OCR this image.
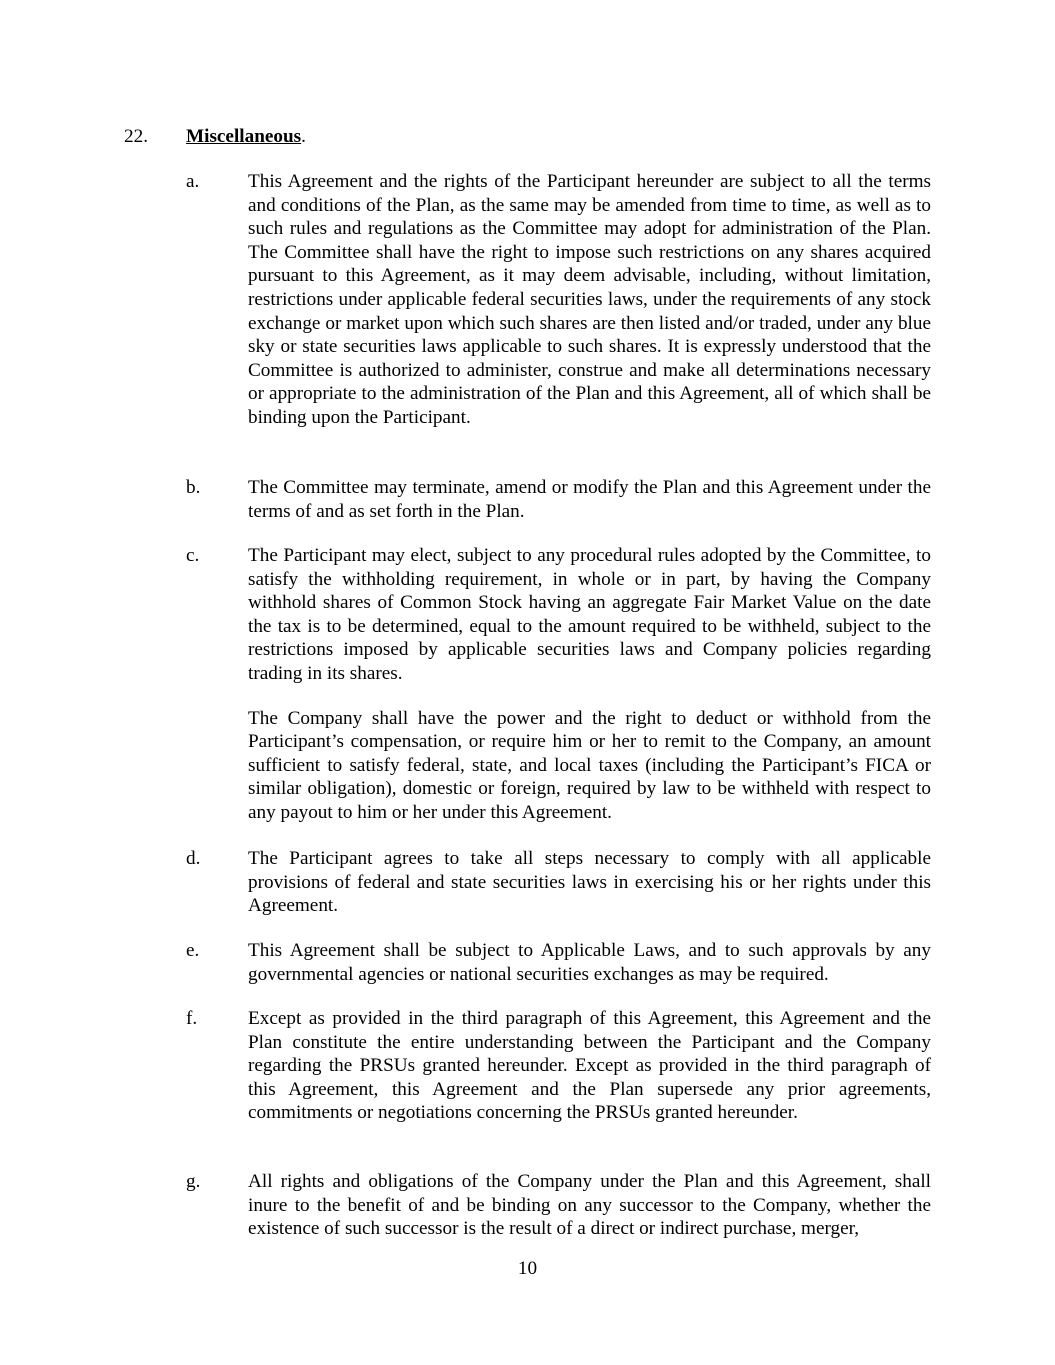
22. Miscellaneous.
a.	This Agreement and the rights of the Participant hereunder are subject to all the terms and conditions of the Plan, as the same may be amended from time to time, as well as to such rules and regulations as the Committee may adopt for administration of the Plan. The Committee shall have the right to impose such restrictions on any shares acquired pursuant to this Agreement, as it may deem advisable, including, without limitation, restrictions under applicable federal securities laws, under the requirements of any stock exchange or market upon which such shares are then listed and/or traded, under any blue sky or state securities laws applicable to such shares. It is expressly understood that the Committee is authorized to administer, construe and make all determinations necessary or appropriate to the administration of the Plan and this Agreement, all of which shall be binding upon the Participant.

b. The Committee may terminate, amend or modify the Plan and this Agreement under the terms of and as set forth in the Plan.

c.	The Participant may elect, subject to any procedural rules adopted by the Committee, to satisfy the withholding requirement, in whole or in part, by having the Company withhold shares of Common Stock having an aggregate Fair Market Value on the date the tax is to be determined, equal to the amount required to be withheld, subject to the restrictions imposed by applicable securities laws and Company policies regarding trading in its shares.

The Company shall have the power and the right to deduct or withhold from the Participant’s compensation, or require him or her to remit to the Company, an amount sufficient to satisfy federal, state, and local taxes (including the Participant’s FICA or similar obligation), domestic or foreign, required by law to be withheld with respect to any payout to him or her under this Agreement.

d. The Participant agrees to take all steps necessary to comply with all applicable provisions of federal and state securities laws in exercising his or her rights under this Agreement.

e.	This Agreement shall be subject to Applicable Laws, and to such approvals by any governmental agencies or national securities exchanges as may be required.

f.	Except as provided in the third paragraph of this Agreement, this Agreement and the Plan constitute the entire understanding between the Participant and the Company regarding the PRSUs granted hereunder. Except as provided in the third paragraph of this Agreement, this Agreement and the Plan supersede any prior agreements, commitments or negotiations concerning the PRSUs granted hereunder.

g. All rights and obligations of the Company under the Plan and this Agreement, shall inure to the benefit of and be binding on any successor to the Company, whether the existence of such successor is the result of a direct or indirect purchase, merger,

10
